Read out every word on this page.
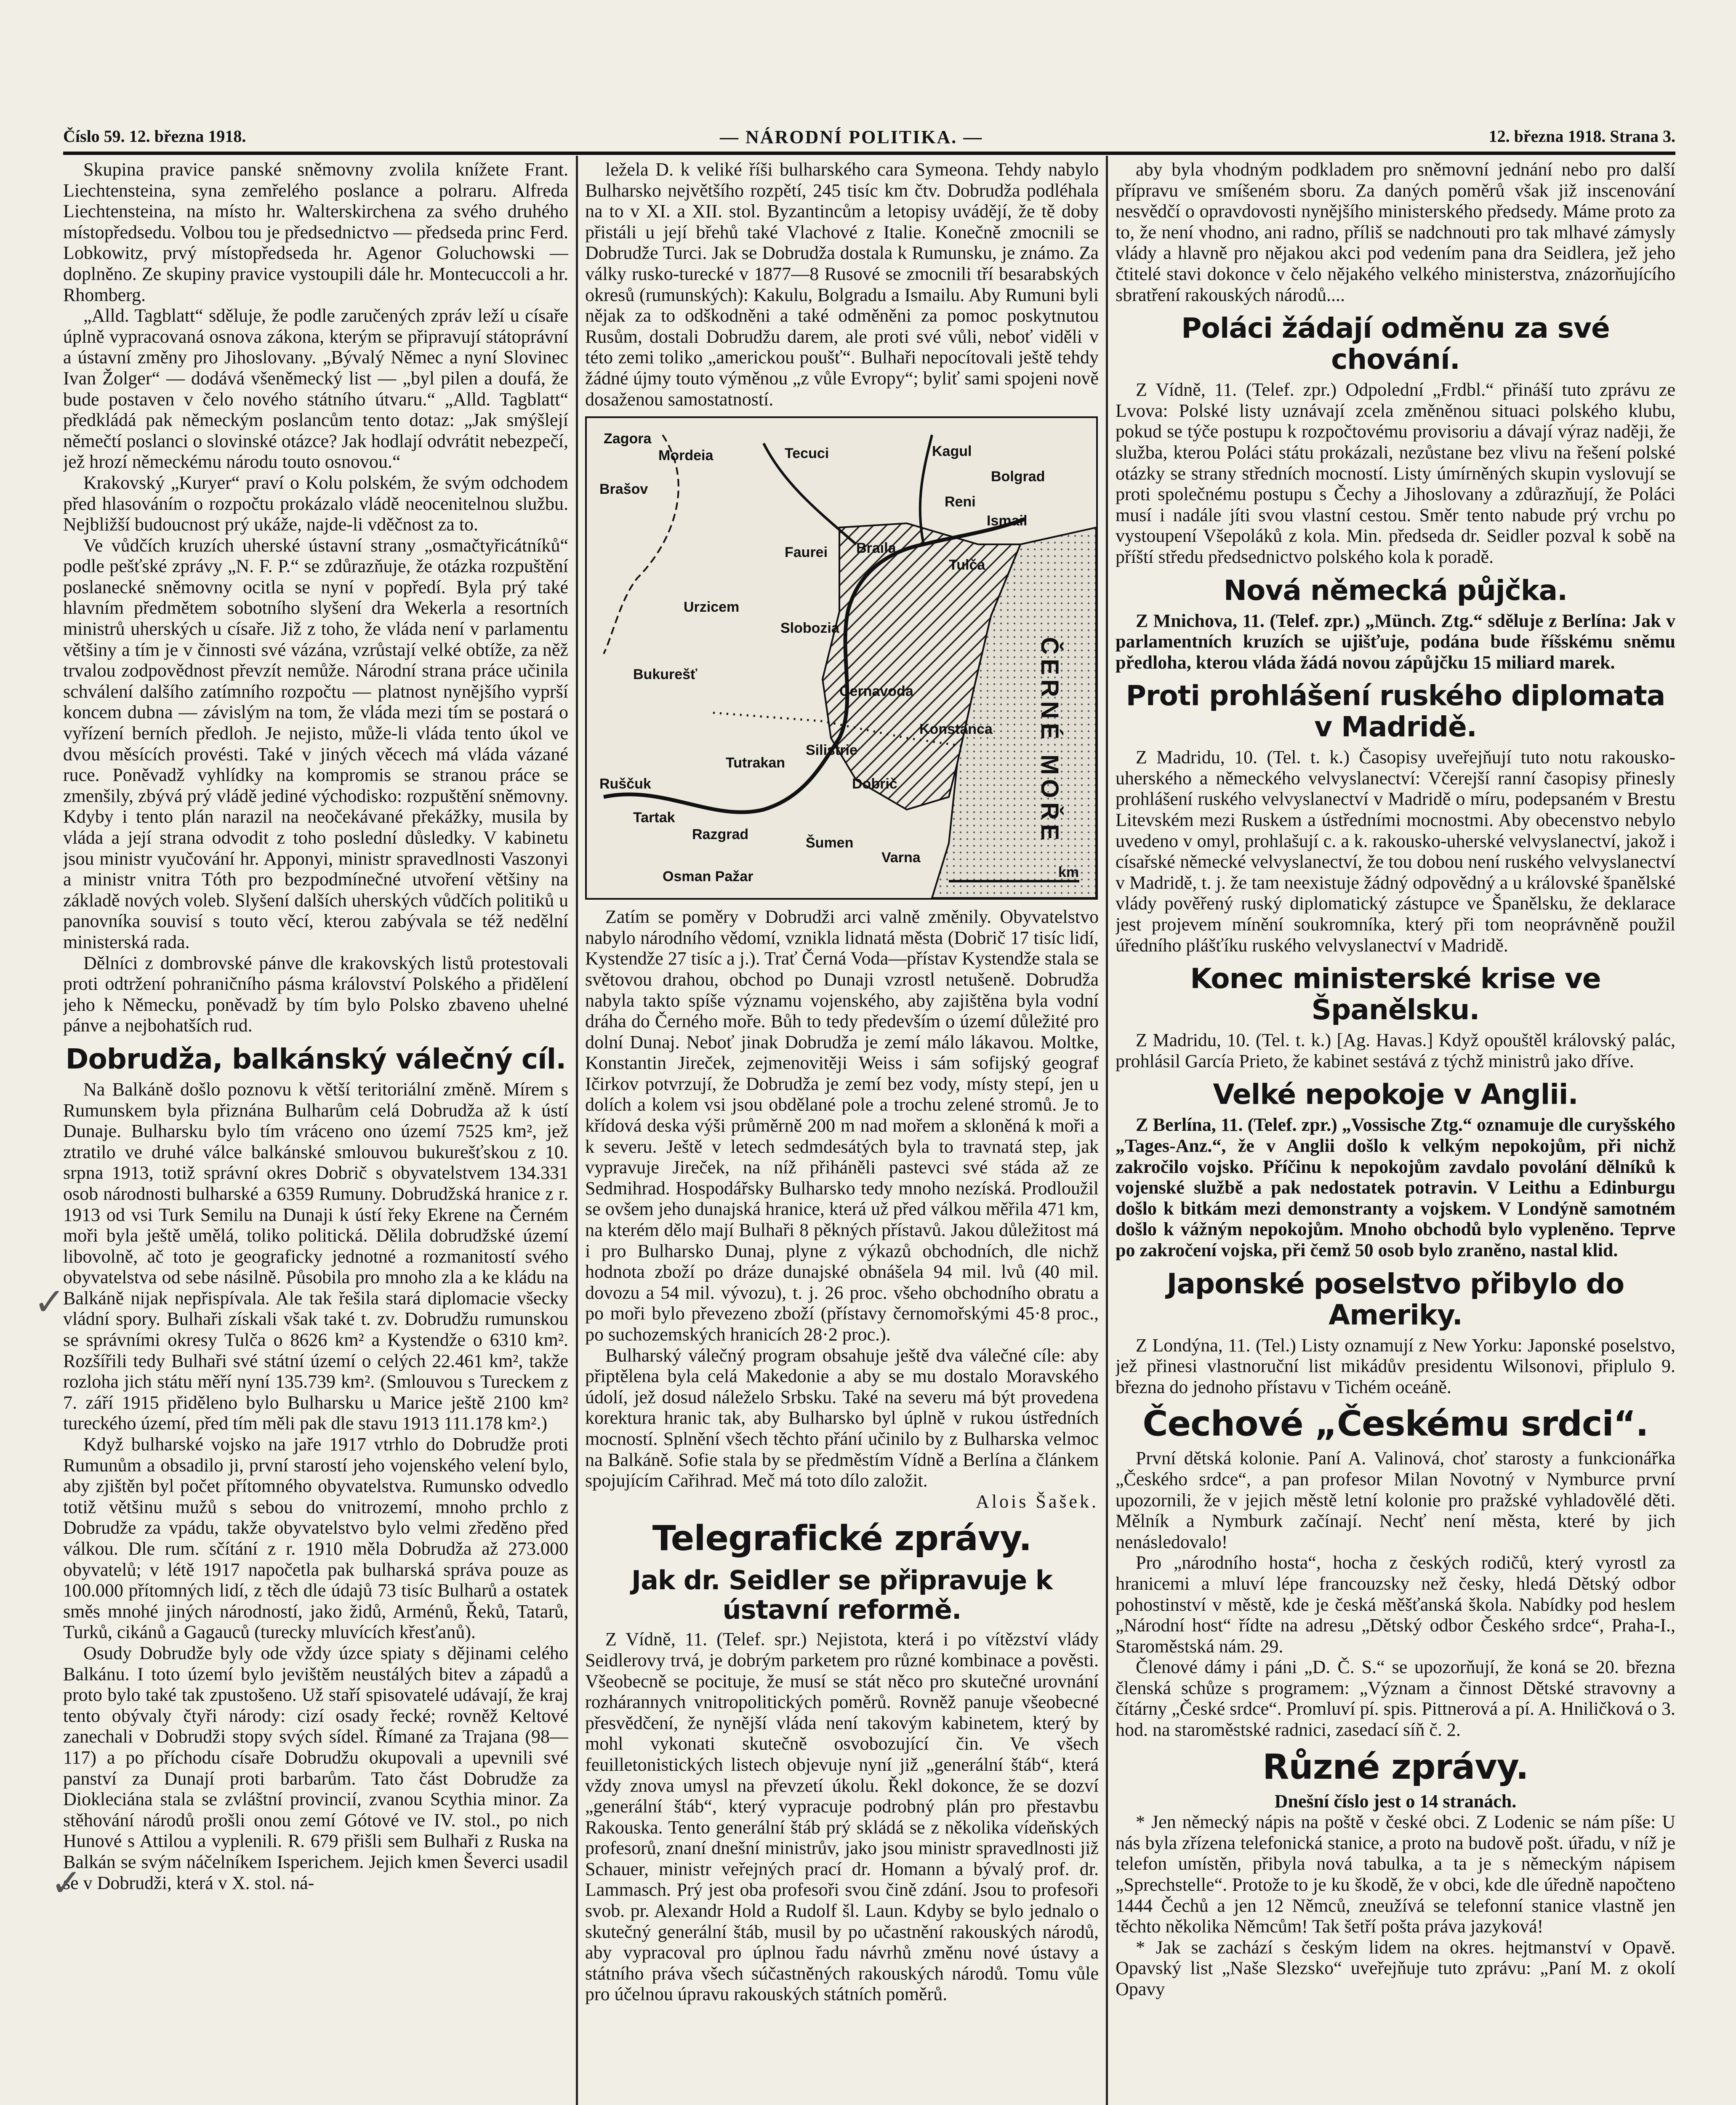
Číslo 59. 12. března 1918.	— NÁRODNÍ POLITIKA. —	12. března 1918. Strana 3.

Skupina pravice panské sněmovny zvolila knížete Frant. Liechtensteina, syna zemřelého poslance a polraru. Alfreda Liechtensteina, na místo hr. Walterskirchena za svého druhého místopředsedu. Volbou tou je předsednictvo — předseda princ Ferd. Lobkowitz, prvý místopředseda hr. Agenor Goluchowski — doplněno. Ze skupiny pravice vystoupili dále hr. Montecuccoli a hr. Rhomberg.

„Alld. Tagblatt“ sděluje, že podle zaručených zpráv leží u císaře úplně vypracovaná osnova zákona, kterým se připravují státoprávní a ústavní změny pro Jihoslovany. „Bývalý Němec a nyní Slovinec Ivan Žolger“ — dodává všeněmecký list — „byl pilen a doufá, že bude postaven v čelo nového státního útvaru.“ „Alld. Tagblatt“ předkládá pak německým poslancům tento dotaz: „Jak smýšlejí němečtí poslanci o slovinské otázce? Jak hodlají odvrátit nebezpečí, jež hrozí německému národu touto osnovou.“

Krakovský „Kuryer“ praví o Kolu polském, že svým odchodem před hlasováním o rozpočtu prokázalo vládě neocenitelnou službu. Nejbližší budoucnost prý ukáže, najde-li vděčnost za to.

Ve vůdčích kruzích uherské ústavní strany „osmačtyřicátníků“ podle pešťské zprávy „N. F. P.“ se zdůrazňuje, že otázka rozpuštění poslanecké sněmovny ocitla se nyní v popředí. Byla prý také hlavním předmětem sobotního slyšení dra Wekerla a resortních ministrů uherských u císaře. Již z toho, že vláda není v parlamentu většiny a tím je v činnosti své vázána, vzrůstají velké obtíže, za něž trvalou zodpovědnost převzít nemůže. Národní strana práce učinila schválení dalšího zatímního rozpočtu — platnost nynějšího vyprší koncem dubna — závislým na tom, že vláda mezi tím se postará o vyřízení berních předloh. Je nejisto, může-li vláda tento úkol ve dvou měsících provésti. Také v jiných věcech má vláda vázané ruce. Poněvadž vyhlídky na kompromis se stranou práce se zmenšily, zbývá prý vládě jediné východisko: rozpuštění sněmovny. Kdyby i tento plán narazil na neočekávané překážky, musila by vláda a její strana odvodit z toho poslední důsledky. V kabinetu jsou ministr vyučování hr. Apponyi, ministr spravedlnosti Vaszonyi a ministr vnitra Tóth pro bezpodmínečné utvoření většiny na základě nových voleb. Slyšení dalších uherských vůdčích politiků u panovníka souvisí s touto věcí, kterou zabývala se též nedělní ministerská rada.

Dělníci z dombrovské pánve dle krakovských listů protestovali proti odtržení pohraničního pásma království Polského a přidělení jeho k Německu, poněvadž by tím bylo Polsko zbaveno uhelné pánve a nejbohatších rud.

Dobrudža, balkánský válečný cíl.

Na Balkáně došlo poznovu k větší teritoriální změně. Mírem s Rumunskem byla přiznána Bulharům celá Dobrudža až k ústí Dunaje. Bulharsku bylo tím vráceno ono území 7525 km², jež ztratilo ve druhé válce balkánské smlouvou bukurešťskou z 10. srpna 1913, totiž správní okres Dobrič s obyvatelstvem 134.331 osob národnosti bulharské a 6359 Rumuny. Dobrudžská hranice z r. 1913 od vsi Turk Semilu na Dunaji k ústí řeky Ekrene na Černém moři byla ještě umělá, toliko politická. Dělila dobrudžské území libovolně, ač toto je geograficky jednotné a rozmanitostí svého obyvatelstva od sebe násilně. Působila pro mnoho zla a ke kládu na Balkáně nijak nepřispívala. Ale tak řešila stará diplomacie všecky vládní spory. Bulhaři získali však také t. zv. Dobrudžu rumunskou se správními okresy Tulča o 8626 km² a Kystendže o 6310 km². Rozšířili tedy Bulhaři své státní území o celých 22.461 km², takže rozloha jich státu měří nyní 135.739 km². (Smlouvou s Tureckem z 7. září 1915 přiděleno bylo Bulharsku u Marice ještě 2100 km² tureckého území, před tím měli pak dle stavu 1913 111.178 km².)

Když bulharské vojsko na jaře 1917 vtrhlo do Dobrudže proti Rumunům a obsadilo ji, první starostí jeho vojenského velení bylo, aby zjištěn byl počet přítomného obyvatelstva. Rumunsko odvedlo totiž většinu mužů s sebou do vnitrozemí, mnoho prchlo z Dobrudže za vpádu, takže obyvatelstvo bylo velmi zředěno před válkou. Dle rum. sčítání z r. 1910 měla Dobrudža až 273.000 obyvatelů; v létě 1917 napočetla pak bulharská správa pouze as 100.000 přítomných lidí, z těch dle údajů 73 tisíc Bulharů a ostatek směs mnohé jiných národností, jako židů, Arménů, Řeků, Tatarů, Turků, cikánů a Gagauců (turecky mluvících křesťanů).

Osudy Dobrudže byly ode vždy úzce spiaty s dějinami celého Balkánu. I toto území bylo jevištěm neustálých bitev a západů a proto bylo také tak zpustošeno. Už staří spisovatelé udávají, že kraj tento obývaly čtyři národy: cizí osady řecké; rovněž Keltové zanechali v Dobrudži stopy svých sídel. Římané za Trajana (98—117) a po příchodu císaře Dobrudžu okupovali a upevnili své panství za Dunají proti barbarům. Tato část Dobrudže za Diokleciána stala se zvláštní provincií, zvanou Scythia minor. Za stěhování národů prošli onou zemí Gótové ve IV. stol., po nich Hunové s Attilou a vyplenili. R. 679 přišli sem Bulhaři z Ruska na Balkán se svým náčelníkem Isperichem. Jejich kmen Ševerci usadil se v Dobrudži, která v X. stol. ná-

ležela D. k veliké říši bulharského cara Symeona. Tehdy nabylo Bulharsko největšího rozpětí, 245 tisíc km čtv. Dobrudža podléhala na to v XI. a XII. stol. Byzantincům a letopisy uvádějí, že tě doby přistáli u její břehů také Vlachové z Italie. Konečně zmocnili se Dobrudže Turci. Jak se Dobrudža dostala k Rumunsku, je známo. Za války rusko-turecké v 1877—8 Rusové se zmocnili tří besarabských okresů (rumunských): Kakulu, Bolgradu a Ismailu. Aby Rumuni byli nějak za to odškodněni a také odměněni za pomoc poskytnutou Rusům, dostali Dobrudžu darem, ale proti své vůli, neboť viděli v této zemi toliko „americkou poušť“. Bulhaři nepocítovali ještě tehdy žádné újmy touto výměnou „z vůle Evropy“; byliť sami spojeni nově dosaženou samostatností.

Zagora
Mordeia	Tecuci	Kagul
Brašov
Bolgrad
Reni
Ismail
Braila
Tulča
Faurei
Urzicem
Slobozia
Bukurešť
Cernavoda
Konstanca
Silistrie
Ruščuk
Tutrakan
Dobrič
Tartak
Razgrad
Šumen
Varna
Osman Pažar
ČERNÉ MOŘE
km

Zatím se poměry v Dobrudži arci valně změnily. Obyvatelstvo nabylo národního vědomí, vznikla lidnatá města (Dobrič 17 tisíc lidí, Kystendže 27 tisíc a j.). Trať Černá Voda—přístav Kystendže stala se světovou drahou, obchod po Dunaji vzrostl netušeně. Dobrudža nabyla takto spíše významu vojenského, aby zajištěna byla vodní dráha do Černého moře. Bůh to tedy především o území důležité pro dolní Dunaj. Neboť jinak Dobrudža je zemí málo lákavou. Moltke, Konstantin Jireček, zejmenovitěji Weiss i sám sofijský geograf Ičirkov potvrzují, že Dobrudža je zemí bez vody, místy stepí, jen u dolích a kolem vsi jsou obdělané pole a trochu zelené stromů. Je to křídová deska výši průměrně 200 m nad mořem a skloněná k moři a k severu. Ještě v letech sedmdesátých byla to travnatá step, jak vypravuje Jireček, na níž přiháněli pastevci své stáda až ze Sedmihrad. Hospodářsky Bulharsko tedy mnoho nezíská. Prodloužil se ovšem jeho dunajská hranice, která už před válkou měřila 471 km, na kterém dělo mají Bulhaři 8 pěkných přístavů. Jakou důležitost má i pro Bulharsko Dunaj, plyne z výkazů obchodních, dle nichž hodnota zboží po dráze dunajské obnášela 94 mil. lvů (40 mil. dovozu a 54 mil. vývozu), t. j. 26 proc. všeho obchodního obratu a po moři bylo převezeno zboží (přístavy černomořskými 45·8 proc., po suchozemských hranicích 28·2 proc.).

Bulharský válečný program obsahuje ještě dva válečné cíle: aby připtělena byla celá Makedonie a aby se mu dostalo Moravského údolí, jež dosud náleželo Srbsku. Také na severu má být provedena korektura hranic tak, aby Bulharsko byl úplně v rukou ústředních mocností. Splnění všech těchto přání učinilo by z Bulharska velmoc na Balkáně. Sofie stala by se předměstím Vídně a Berlína a článkem spojujícím Cařihrad. Meč má toto dílo založit.

Alois Šašek.
Telegrafické zprávy.
Jak dr. Seidler se připravuje k ústavní reformě.

Z Vídně, 11. (Telef. spr.) Nejistota, která i po vítězství vlády Seidlerovy trvá, je dobrým parketem pro různé kombinace a pověsti. Všeobecně se pocituje, že musí se stát něco pro skutečné urovnání rozhárannych vnitropolitických poměrů. Rovněž panuje všeobecné přesvědčení, že nynější vláda není takovým kabinetem, který by mohl vykonati skutečně osvobozující čin. Ve všech feuilletonistických listech objevuje nyní již „generální štáb“, která vždy znova umysl na převzetí úkolu. Řekl dokonce, že se dozví „generální štáb“, který vypracuje podrobný plán pro přestavbu Rakouska. Tento generální štáb prý skládá se z několika vídeňských profesorů, znaní dnešní ministrův, jako jsou ministr spravedlnosti již Schauer, ministr veřejných prací dr. Homann a bývalý prof. dr. Lammasch. Prý jest oba profesoři svou čině zdání. Jsou to profesoři svob. pr. Alexandr Hold a Rudolf šl. Laun. Kdyby se bylo jednalo o skutečný generální štáb, musil by po učastnění rakouských národů, aby vypracoval pro úplnou řadu návrhů změnu nové ústavy a státního práva všech súčastněných rakouských národů. Tomu vůle pro účelnou úpravu rakouských státních poměrů.

aby byla vhodným podkladem pro sněmovní jednání nebo pro další přípravu ve smíšeném sboru. Za daných poměrů však již inscenování nesvědčí o opravdovosti nynějšího ministerského předsedy. Máme proto za to, že není vhodno, ani radno, příliš se nadchnouti pro tak mlhavé zámysly vlády a hlavně pro nějakou akci pod vedením pana dra Seidlera, jež jeho čtitelé stavi dokonce v čelo nějakého velkého ministerstva, znázorňujícího sbratření rakouských národů....

Poláci žádají odměnu za své chování.

Z Vídně, 11. (Telef. zpr.) Odpolední „Frdbl.“ přináší tuto zprávu ze Lvova: Polské listy uznávají zcela změněnou situaci polského klubu, pokud se týče postupu k rozpočtovému provisoriu a dávají výraz naději, že služba, kterou Poláci státu prokázali, nezůstane bez vlivu na řešení polské otázky se strany středních mocností. Listy úmírněných skupin vyslovují se proti společnému postupu s Čechy a Jihoslovany a zdůrazňují, že Poláci musí i nadále jíti svou vlastní cestou. Směr tento nabude prý vrchu po vystoupení Všepoláků z kola. Min. předseda dr. Seidler pozval k sobě na příští středu předsednictvo polského kola k poradě.

Nová německá půjčka.

Z Mnichova, 11. (Telef. zpr.) „Münch. Ztg.“ sděluje z Berlína: Jak v parlamentních kruzích se ujišťuje, podána bude říšskému sněmu předloha, kterou vláda žádá novou zápůjčku 15 miliard marek.

Proti prohlášení ruského diplomata v Madridě.

Z Madridu, 10. (Tel. t. k.) Časopisy uveřejňují tuto notu rakousko-uherského a německého velvyslanectví: Včerejší ranní časopisy přinesly prohlášení ruského velvyslanectví v Madridě o míru, podepsaném v Brestu Litevském mezi Ruskem a ústředními mocnostmi. Aby obecenstvo nebylo uvedeno v omyl, prohlašují c. a k. rakousko-uherské velvyslanectví, jakož i císařské německé velvyslanectví, že tou dobou není ruského velvyslanectví v Madridě, t. j. že tam neexistuje žádný odpovědný a u královské španělské vlády pověřený ruský diplomatický zástupce ve Španělsku, že deklarace jest projevem mínění soukromníka, který při tom neoprávněně použil úředního plášťíku ruského velvyslanectví v Madridě.

Konec ministerské krise ve Španělsku.

Z Madridu, 10. (Tel. t. k.) [Ag. Havas.] Když opouštěl královský palác, prohlásil García Prieto, že kabinet sestává z týchž ministrů jako dříve.

Velké nepokoje v Anglii.

Z Berlína, 11. (Telef. zpr.) „Vossische Ztg.“ oznamuje dle curyšského „Tages-Anz.“, že v Anglii došlo k velkým nepokojům, při nichž zakročilo vojsko. Příčinu k nepokojům zavdalo povolání dělníků k vojenské službě a pak nedostatek potravin. V Leithu a Edinburgu došlo k bitkám mezi demonstranty a vojskem. V Londýně samotném došlo k vážným nepokojům. Mnoho obchodů bylo vypleněno. Teprve po zakročení vojska, při čemž 50 osob bylo zraněno, nastal klid.

Japonské poselstvo přibylo do Ameriky.

Z Londýna, 11. (Tel.) Listy oznamují z New Yorku: Japonské poselstvo, jež přinesi vlastnoruční list mikádův presidentu Wilsonovi, připlulo 9. března do jednoho přístavu v Tichém oceáně.

Čechové „Českému srdci“.

První dětská kolonie. Paní A. Valinová, choť starosty a funkcionářka „Českého srdce“, a pan profesor Milan Novotný v Nymburce první upozornili, že v jejich městě letní kolonie pro pražské vyhladovělé děti. Mělník a Nymburk začínají. Nechť není města, které by jich nenásledovalo!

Pro „národního hosta“, hocha z českých rodičů, který vyrostl za hranicemi a mluví lépe francouzsky než česky, hledá Dětský odbor pohostinství v městě, kde je česká měšťanská škola. Nabídky pod heslem „Národní host“ řídte na adresu „Dětský odbor Českého srdce“, Praha-I., Staroměstská nám. 29.

Členové dámy i páni „D. Č. S.“ se upozorňují, že koná se 20. března členská schůze s programem: „Význam a činnost Dětské stravovny a čítárny „České srdce“. Promluví pí. spis. Pittnerová a pí. A. Hniličková o 3. hod. na staroměstské radnici, zasedací síň č. 2.

Různé zprávy.
Dnešní číslo jest o 14 stranách.

* Jen německý nápis na poště v české obci. Z Lodenic se nám píše: U nás byla zřízena telefonická stanice, a proto na budově pošt. úřadu, v níž je telefon umístěn, přibyla nová tabulka, a ta je s německým nápisem „Sprechstelle“. Protože to je ku škodě, že v obci, kde dle úředně napočteno 1444 Čechů a jen 12 Němců, zneužívá se telefonní stanice vlastně jen těchto několika Němcům! Tak šetří pošta práva jazyková!

* Jak se zachází s českým lidem na okres. hejtmanství v Opavě. Opavský list „Naše Slezsko“ uveřejňuje tuto zprávu: „Paní M. z okolí Opavy

✓
✓
